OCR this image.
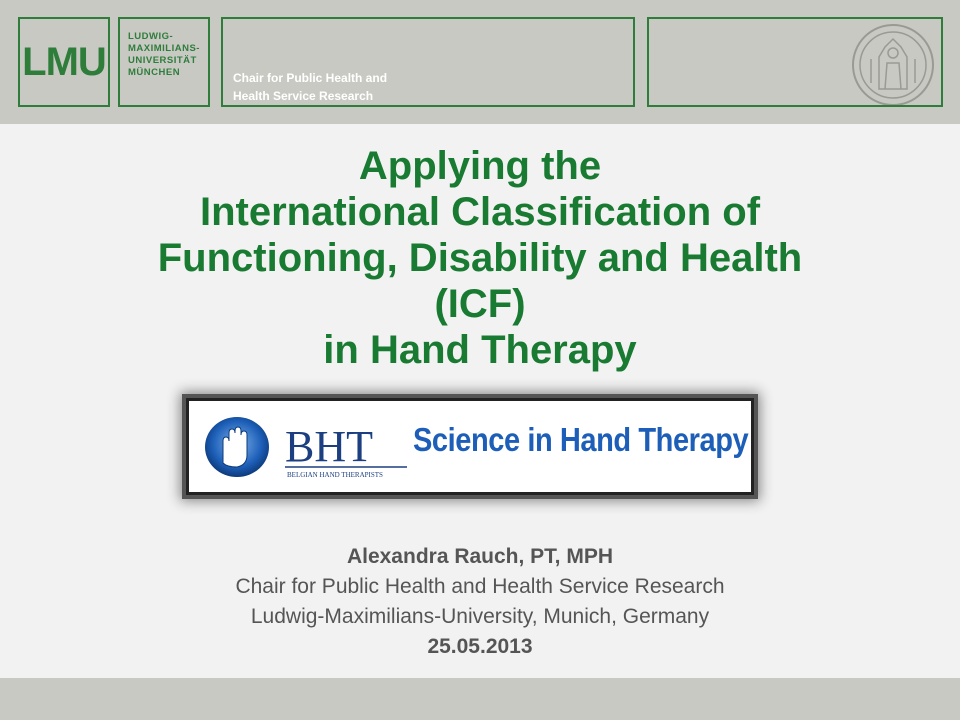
LMU
LUDWIG-
MAXIMILIANS-
UNIVERSITÄT
MÜNCHEN	Chair for Public Health and
Health Service Research
Applying the
International Classification of
Functioning, Disability and Health
(ICF)
in Hand Therapy
BHT
BELGIAN HAND THERAPISTS
Science in Hand Therapy
Alexandra Rauch, PT, MPH
Chair for Public Health and Health Service Research
Ludwig-Maximilians-University, Munich, Germany
25.05.2013
